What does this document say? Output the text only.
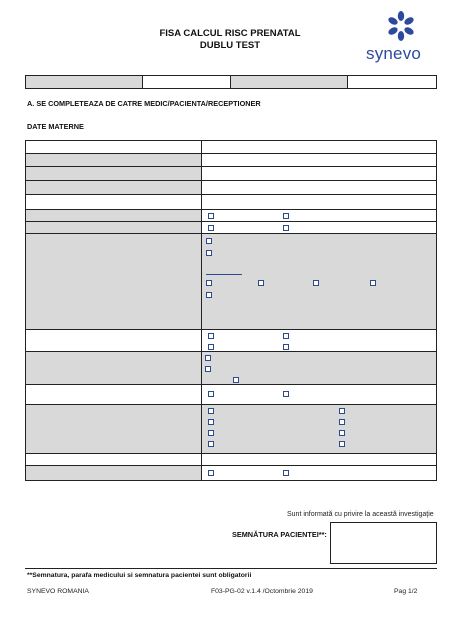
FISA CALCUL RISC PRENATAL
DUBLU TEST	synevo
A. SE COMPLETEAZA DE CATRE MEDIC/PACIENTA/RECEPTIONER
DATE MATERNE
Sunt informată cu privire la această investigaţie
SEMNĂTURA PACIENTEI**:
**Semnatura, parafa medicului si semnatura pacientei sunt obligatorii
SYNEVO ROMANIA	F03-PG-02 v.1.4 /Octombrie 2019	Pag 1/2
